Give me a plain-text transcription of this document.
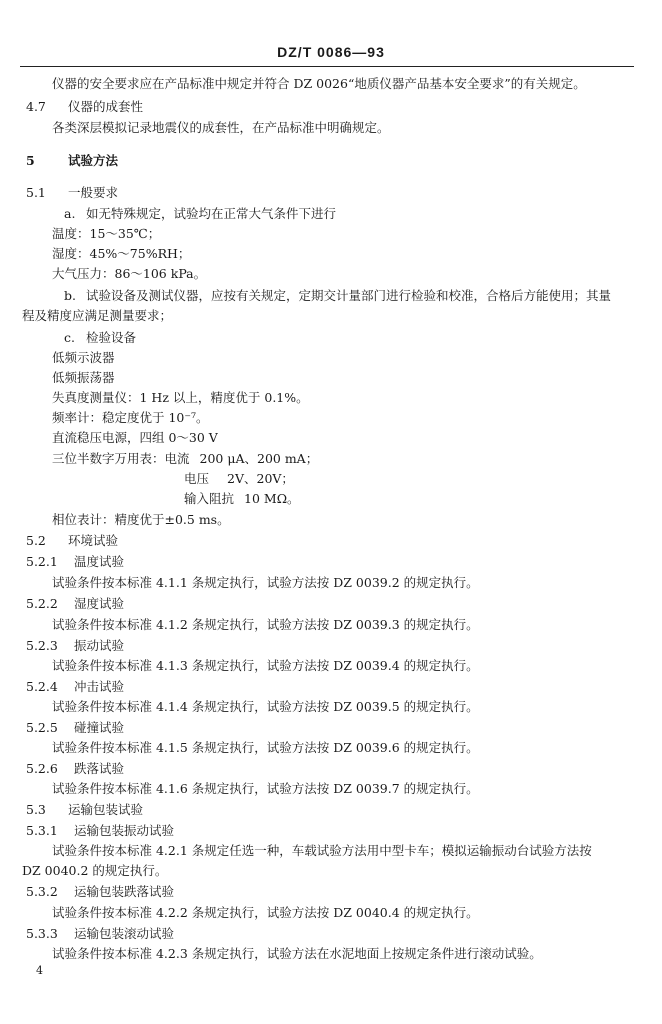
DZ/T 0086—93
仪器的安全要求应在产品标准中规定并符合 DZ 0026“地质仪器产品基本安全要求”的有关规定。
4.7 仪器的成套性
各类深层模拟记录地震仪的成套性，在产品标准中明确规定。
5	试验方法
5.1 一般要求
a. 如无特殊规定，试验均在正常大气条件下进行
温度：15～35℃；
湿度：45%～75%RH；
大气压力：86～106 kPa。
b. 试验设备及测试仪器，应按有关规定，定期交计量部门进行检验和校准，合格后方能使用；其量
程及精度应满足测量要求；
c. 检验设备
低频示波器
低频振荡器
失真度测量仪：1 Hz 以上，精度优于 0.1%。
频率计：稳定度优于 10⁻⁷。
直流稳压电源，四组 0～30 V
三位半数字万用表：电流 200 μA、200 mA；
电压 2V、20V；
输入阻抗 10 MΩ。
相位表计：精度优于±0.5 ms。
5.2 环境试验
5.2.1 温度试验
试验条件按本标准 4.1.1 条规定执行，试验方法按 DZ 0039.2 的规定执行。
5.2.2 湿度试验
试验条件按本标准 4.1.2 条规定执行，试验方法按 DZ 0039.3 的规定执行。
5.2.3 振动试验
试验条件按本标准 4.1.3 条规定执行，试验方法按 DZ 0039.4 的规定执行。
5.2.4 冲击试验
试验条件按本标准 4.1.4 条规定执行，试验方法按 DZ 0039.5 的规定执行。
5.2.5 碰撞试验
试验条件按本标准 4.1.5 条规定执行，试验方法按 DZ 0039.6 的规定执行。
5.2.6 跌落试验
试验条件按本标准 4.1.6 条规定执行，试验方法按 DZ 0039.7 的规定执行。
5.3 运输包装试验
5.3.1 运输包装振动试验
试验条件按本标准 4.2.1 条规定任选一种，车载试验方法用中型卡车；模拟运输振动台试验方法按
DZ 0040.2 的规定执行。
5.3.2 运输包装跌落试验
试验条件按本标准 4.2.2 条规定执行，试验方法按 DZ 0040.4 的规定执行。
5.3.3 运输包装滚动试验
试验条件按本标准 4.2.3 条规定执行，试验方法在水泥地面上按规定条件进行滚动试验。
4
